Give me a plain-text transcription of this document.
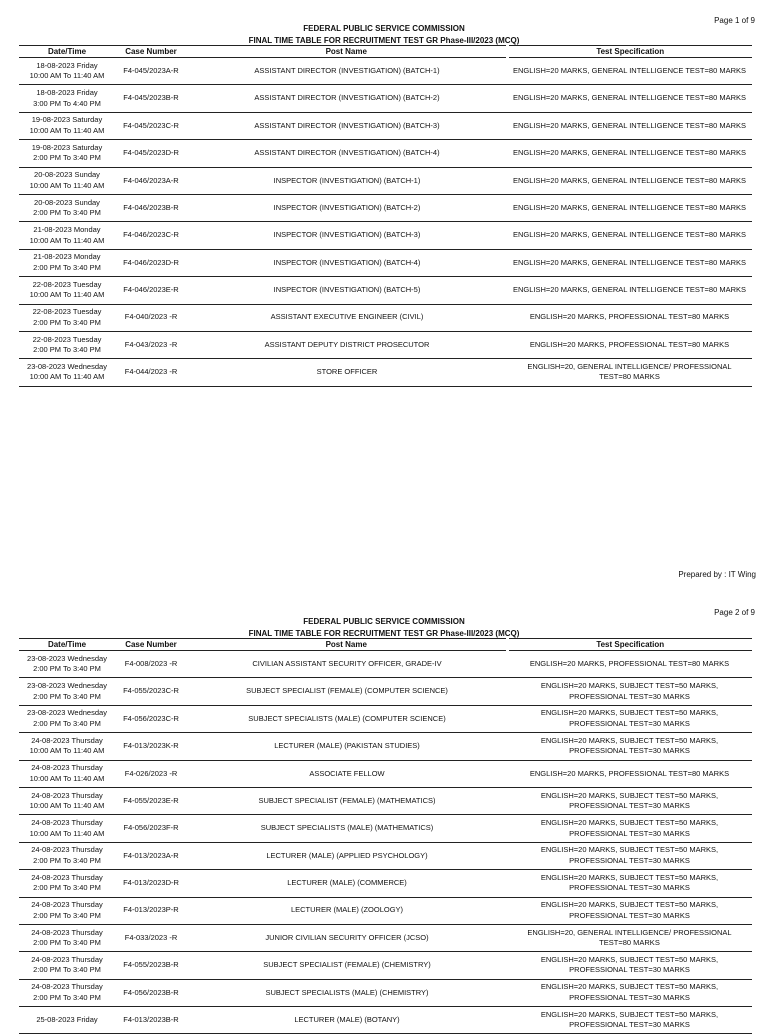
Page 1 of 9
FEDERAL PUBLIC SERVICE COMMISSION
FINAL TIME TABLE FOR RECRUITMENT TEST GR Phase-III/2023 (MCQ)
Date/Time	Case Number	Post Name	Test Specification

18-08-2023 Friday
10:00 AM To 11:40 AM	F4-045/2023A-R	ASSISTANT DIRECTOR (INVESTIGATION) (BATCH-1)	ENGLISH=20 MARKS, GENERAL INTELLIGENCE TEST=80 MARKS

18-08-2023 Friday
3:00 PM To 4:40 PM	F4-045/2023B-R	ASSISTANT DIRECTOR (INVESTIGATION) (BATCH-2)	ENGLISH=20 MARKS, GENERAL INTELLIGENCE TEST=80 MARKS

19-08-2023 Saturday
10:00 AM To 11:40 AM	F4-045/2023C-R	ASSISTANT DIRECTOR (INVESTIGATION) (BATCH-3)	ENGLISH=20 MARKS, GENERAL INTELLIGENCE TEST=80 MARKS

19-08-2023 Saturday
2:00 PM To 3:40 PM	F4-045/2023D-R	ASSISTANT DIRECTOR (INVESTIGATION) (BATCH-4)	ENGLISH=20 MARKS, GENERAL INTELLIGENCE TEST=80 MARKS

20-08-2023 Sunday
10:00 AM To 11:40 AM	F4-046/2023A-R	INSPECTOR (INVESTIGATION) (BATCH-1)	ENGLISH=20 MARKS, GENERAL INTELLIGENCE TEST=80 MARKS

20-08-2023 Sunday
2:00 PM To 3:40 PM	F4-046/2023B-R	INSPECTOR (INVESTIGATION) (BATCH-2)	ENGLISH=20 MARKS, GENERAL INTELLIGENCE TEST=80 MARKS

21-08-2023 Monday
10:00 AM To 11:40 AM	F4-046/2023C-R	INSPECTOR (INVESTIGATION) (BATCH-3)	ENGLISH=20 MARKS, GENERAL INTELLIGENCE TEST=80 MARKS

21-08-2023 Monday
2:00 PM To 3:40 PM	F4-046/2023D-R	INSPECTOR (INVESTIGATION) (BATCH-4)	ENGLISH=20 MARKS, GENERAL INTELLIGENCE TEST=80 MARKS

22-08-2023 Tuesday
10:00 AM To 11:40 AM	F4-046/2023E-R	INSPECTOR (INVESTIGATION) (BATCH-5)	ENGLISH=20 MARKS, GENERAL INTELLIGENCE TEST=80 MARKS

22-08-2023 Tuesday
2:00 PM To 3:40 PM	F4-040/2023 -R	ASSISTANT EXECUTIVE ENGINEER (CIVIL)	ENGLISH=20 MARKS, PROFESSIONAL TEST=80 MARKS

22-08-2023 Tuesday
2:00 PM To 3:40 PM	F4-043/2023 -R	ASSISTANT DEPUTY DISTRICT PROSECUTOR	ENGLISH=20 MARKS, PROFESSIONAL TEST=80 MARKS

23-08-2023 Wednesday
10:00 AM To 11:40 AM	F4-044/2023 -R	STORE OFFICER	ENGLISH=20, GENERAL INTELLIGENCE/ PROFESSIONAL TEST=80 MARKS
Prepared by : IT Wing
Page 2 of 9
FEDERAL PUBLIC SERVICE COMMISSION
FINAL TIME TABLE FOR RECRUITMENT TEST GR Phase-III/2023 (MCQ)
Date/Time	Case Number	Post Name	Test Specification

23-08-2023 Wednesday
2:00 PM To 3:40 PM	F4-008/2023 -R	CIVILIAN ASSISTANT SECURITY OFFICER, GRADE-IV	ENGLISH=20 MARKS, PROFESSIONAL TEST=80 MARKS

23-08-2023 Wednesday
2:00 PM To 3:40 PM	F4-055/2023C-R	SUBJECT SPECIALIST (FEMALE) (COMPUTER SCIENCE)	ENGLISH=20 MARKS, SUBJECT TEST=50 MARKS, PROFESSIONAL TEST=30 MARKS

23-08-2023 Wednesday
2:00 PM To 3:40 PM	F4-056/2023C-R	SUBJECT SPECIALISTS (MALE) (COMPUTER SCIENCE)	ENGLISH=20 MARKS, SUBJECT TEST=50 MARKS, PROFESSIONAL TEST=30 MARKS

24-08-2023 Thursday
10:00 AM To 11:40 AM	F4-013/2023K-R	LECTURER (MALE) (PAKISTAN STUDIES)	ENGLISH=20 MARKS, SUBJECT TEST=50 MARKS, PROFESSIONAL TEST=30 MARKS

24-08-2023 Thursday
10:00 AM To 11:40 AM	F4-026/2023 -R	ASSOCIATE FELLOW	ENGLISH=20 MARKS, PROFESSIONAL TEST=80 MARKS

24-08-2023 Thursday
10:00 AM To 11:40 AM	F4-055/2023E-R	SUBJECT SPECIALIST (FEMALE) (MATHEMATICS)	ENGLISH=20 MARKS, SUBJECT TEST=50 MARKS, PROFESSIONAL TEST=30 MARKS

24-08-2023 Thursday
10:00 AM To 11:40 AM	F4-056/2023F-R	SUBJECT SPECIALISTS (MALE) (MATHEMATICS)	ENGLISH=20 MARKS, SUBJECT TEST=50 MARKS, PROFESSIONAL TEST=30 MARKS

24-08-2023 Thursday
2:00 PM To 3:40 PM	F4-013/2023A-R	LECTURER (MALE) (APPLIED PSYCHOLOGY)	ENGLISH=20 MARKS, SUBJECT TEST=50 MARKS, PROFESSIONAL TEST=30 MARKS

24-08-2023 Thursday
2:00 PM To 3:40 PM	F4-013/2023D-R	LECTURER (MALE) (COMMERCE)	ENGLISH=20 MARKS, SUBJECT TEST=50 MARKS, PROFESSIONAL TEST=30 MARKS

24-08-2023 Thursday
2:00 PM To 3:40 PM	F4-013/2023P-R	LECTURER (MALE) (ZOOLOGY)	ENGLISH=20 MARKS, SUBJECT TEST=50 MARKS, PROFESSIONAL TEST=30 MARKS

24-08-2023 Thursday
2:00 PM To 3:40 PM	F4-033/2023 -R	JUNIOR CIVILIAN SECURITY OFFICER (JCSO)	ENGLISH=20, GENERAL INTELLIGENCE/ PROFESSIONAL TEST=80 MARKS

24-08-2023 Thursday
2:00 PM To 3:40 PM	F4-055/2023B-R	SUBJECT SPECIALIST (FEMALE) (CHEMISTRY)	ENGLISH=20 MARKS, SUBJECT TEST=50 MARKS, PROFESSIONAL TEST=30 MARKS

24-08-2023 Thursday
2:00 PM To 3:40 PM	F4-056/2023B-R	SUBJECT SPECIALISTS (MALE) (CHEMISTRY)	ENGLISH=20 MARKS, SUBJECT TEST=50 MARKS, PROFESSIONAL TEST=30 MARKS

25-08-2023 Friday	F4-013/2023B-R	LECTURER (MALE) (BOTANY)	ENGLISH=20 MARKS, SUBJECT TEST=50 MARKS, PROFESSIONAL TEST=30 MARKS
